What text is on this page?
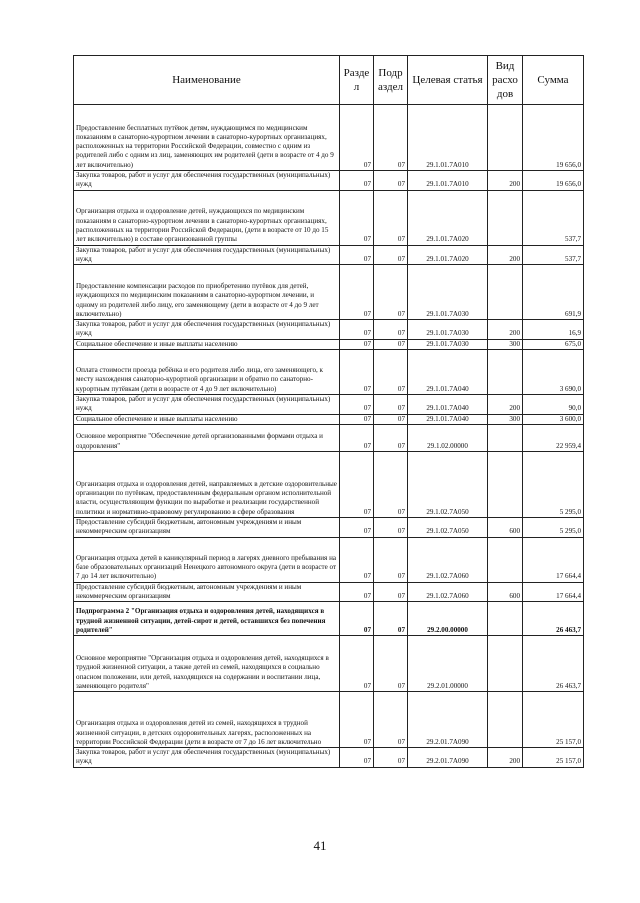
Наименование	Разде л	Подр аздел	Целевая статья	Вид расхо дов	Сумма
Предоставление бесплатных путёвок детям, нуждающимся по медицинским показаниям в санаторно-курортном лечении в санаторно-курортных организациях, расположенных на территории Российской Федерации, совместно с одним из родителей либо с одним из лиц, заменяющих им родителей (дети в возрасте от 4 до 9 лет включительно)	07	07	29.1.01.7A010		19 656,0
Закупка товаров, работ и услуг для обеспечения государственных (муниципальных) нужд	07	07	29.1.01.7A010	200	19 656,0
Организация отдыха и оздоровление детей, нуждающихся по медицинским показаниям в санаторно-курортном лечении в санаторно-курортных организациях, расположенных на территории Российской Федерации, (дети в возрасте от 10 до 15 лет включительно) в составе организованной группы	07	07	29.1.01.7A020		537,7
Закупка товаров, работ и услуг для обеспечения государственных (муниципальных) нужд	07	07	29.1.01.7A020	200	537,7
Предоставление компенсации расходов по приобретению путёвок для детей, нуждающихся по медицинским показаниям в санаторно-курортном лечении, и одному из родителей либо лицу, его заменяющему (дети в возрасте от 4 до 9 лет включительно)	07	07	29.1.01.7A030		691,9
Закупка товаров, работ и услуг для обеспечения государственных (муниципальных) нужд	07	07	29.1.01.7A030	200	16,9
Социальное обеспечение и иные выплаты населению	07	07	29.1.01.7A030	300	675,0
Оплата стоимости проезда ребёнка и его родителя либо лица, его заменяющего, к месту нахождения санаторно-курортной организации и обратно по санаторно-курортным путёвкам (дети в возрасте от 4 до 9 лет включительно)	07	07	29.1.01.7A040		3 690,0
Закупка товаров, работ и услуг для обеспечения государственных (муниципальных) нужд	07	07	29.1.01.7A040	200	90,0
Социальное обеспечение и иные выплаты населению	07	07	29.1.01.7A040	300	3 600,0
Основное мероприятие "Обеспечение детей организованными формами отдыха и оздоровления"	07	07	29.1.02.00000		22 959,4
Организация отдыха и оздоровления детей, направляемых в детские оздоровительные организации по путёвкам, предоставленным федеральным органом исполнительной власти, осуществляющим функции по выработке и реализации государственной политики и нормативно-правовому регулированию в сфере образования	07	07	29.1.02.7A050		5 295,0
Предоставление субсидий бюджетным, автономным учреждениям и иным некоммерческим организациям	07	07	29.1.02.7A050	600	5 295,0
Организация отдыха детей в каникулярный период в лагерях дневного пребывания на базе образовательных организаций Ненецкого автономного округа (дети в возрасте от 7 до 14 лет включительно)	07	07	29.1.02.7A060		17 664,4
Предоставление субсидий бюджетным, автономным учреждениям и иным некоммерческим организациям	07	07	29.1.02.7A060	600	17 664,4
Подпрограмма 2 "Организация отдыха и оздоровления детей, находящихся в трудной жизненной ситуации, детей-сирот и детей, оставшихся без попечения родителей"	07	07	29.2.00.00000		26 463,7
Основное мероприятие "Организация отдыха и оздоровления детей, находящихся в трудной жизненной ситуации, а также детей из семей, находящихся в социально опасном положении, или детей, находящихся на содержании и воспитании лица, заменяющего родителя"	07	07	29.2.01.00000		26 463,7
Организация отдыха и оздоровления детей из семей, находящихся в трудной жизненной ситуации, в детских оздоровительных лагерях, расположенных на территории Российской Федерации (дети в возрасте от 7 до 16 лет включительно	07	07	29.2.01.7A090		25 157,0
Закупка товаров, работ и услуг для обеспечения государственных (муниципальных) нужд	07	07	29.2.01.7A090	200	25 157,0
41
